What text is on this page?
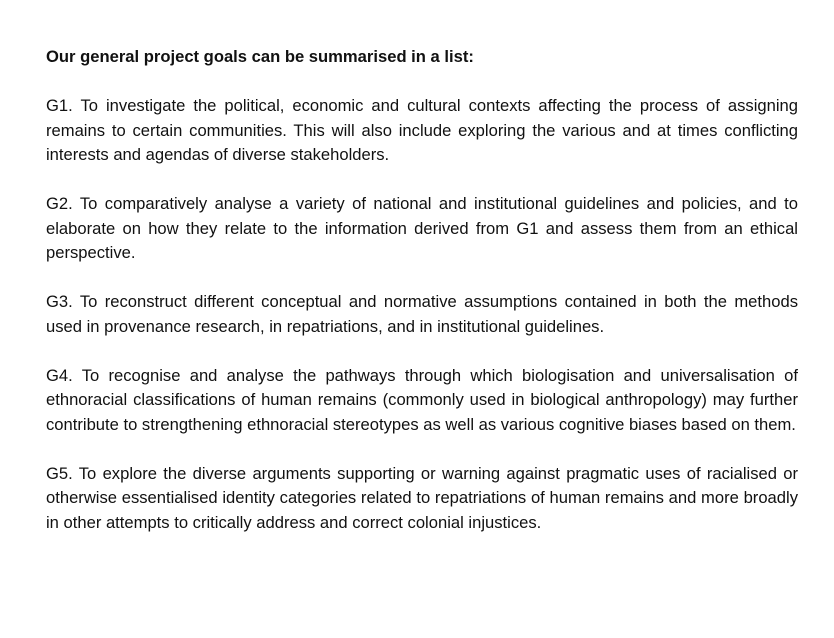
Our general project goals can be summarised in a list:

G1. To investigate the political, economic and cultural contexts affecting the process of assigning remains to certain communities. This will also include exploring the various and at times conflicting interests and agendas of diverse stakeholders.

G2. To comparatively analyse a variety of national and institutional guidelines and policies, and to elaborate on how they relate to the information derived from G1 and assess them from an ethical perspective.

G3. To reconstruct different conceptual and normative assumptions contained in both the methods used in provenance research, in repatriations, and in institutional guidelines.

G4. To recognise and analyse the pathways through which biologisation and universalisation of ethnoracial classifications of human remains (commonly used in biological anthropology) may further contribute to strengthening ethnoracial stereotypes as well as various cognitive biases based on them.

G5. To explore the diverse arguments supporting or warning against pragmatic uses of racialised or otherwise essentialised identity categories related to repatriations of human remains and more broadly in other attempts to critically address and correct colonial injustices.
